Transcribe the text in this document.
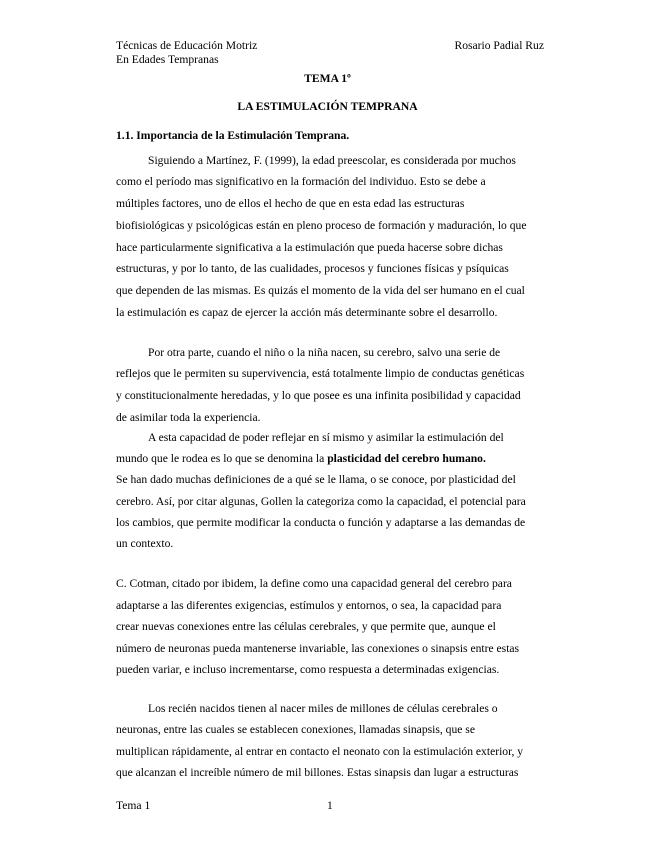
Técnicas de Educación Motriz
En Edades Tempranas
Rosario Padial Ruz
TEMA 1º
LA ESTIMULACIÓN TEMPRANA
1.1. Importancia de la Estimulación Temprana.
Siguiendo a Martínez, F. (1999), la edad preescolar, es considerada por muchos
como el período mas significativo en la formación del individuo. Esto se debe a
múltiples factores, uno de ellos el hecho de que en esta edad las estructuras
biofisiológicas y psicológicas están en pleno proceso de formación y maduración, lo que
hace particularmente significativa a la estimulación que pueda hacerse sobre dichas
estructuras, y por lo tanto, de las cualidades, procesos y funciones físicas y psíquicas
que dependen de las mismas. Es quizás el momento de la vida del ser humano en el cual
la estimulación es capaz de ejercer la acción más determinante sobre el desarrollo.
Por otra parte, cuando el niño o la niña nacen, su cerebro, salvo una serie de
reflejos que le permiten su supervivencia, está totalmente limpio de conductas genéticas
y constitucionalmente heredadas, y lo que posee es una infinita posibilidad y capacidad
de asimilar toda la experiencia.
A esta capacidad de poder reflejar en sí mismo y asimilar la estimulación del
mundo que le rodea es lo que se denomina la plasticidad del cerebro humano.
Se han dado muchas definiciones de a qué se le llama, o se conoce, por plasticidad del
cerebro. Así, por citar algunas, Gollen la categoriza como la capacidad, el potencial para
los cambios, que permite modificar la conducta o función y adaptarse a las demandas de
un contexto.
C. Cotman, citado por ibidem, la define como una capacidad general del cerebro para
adaptarse a las diferentes exigencias, estímulos y entornos, o sea, la capacidad para
crear nuevas conexiones entre las células cerebrales, y que permite que, aunque el
número de neuronas pueda mantenerse invariable, las conexiones o sinapsis entre estas
pueden variar, e incluso incrementarse, como respuesta a determinadas exigencias.
Los recién nacidos tienen al nacer miles de millones de células cerebrales o
neuronas, entre las cuales se establecen conexiones, llamadas sinapsis, que se
multiplican rápidamente, al entrar en contacto el neonato con la estimulación exterior, y
que alcanzan el increíble número de mil billones. Estas sinapsis dan lugar a estructuras
Tema 1	1
